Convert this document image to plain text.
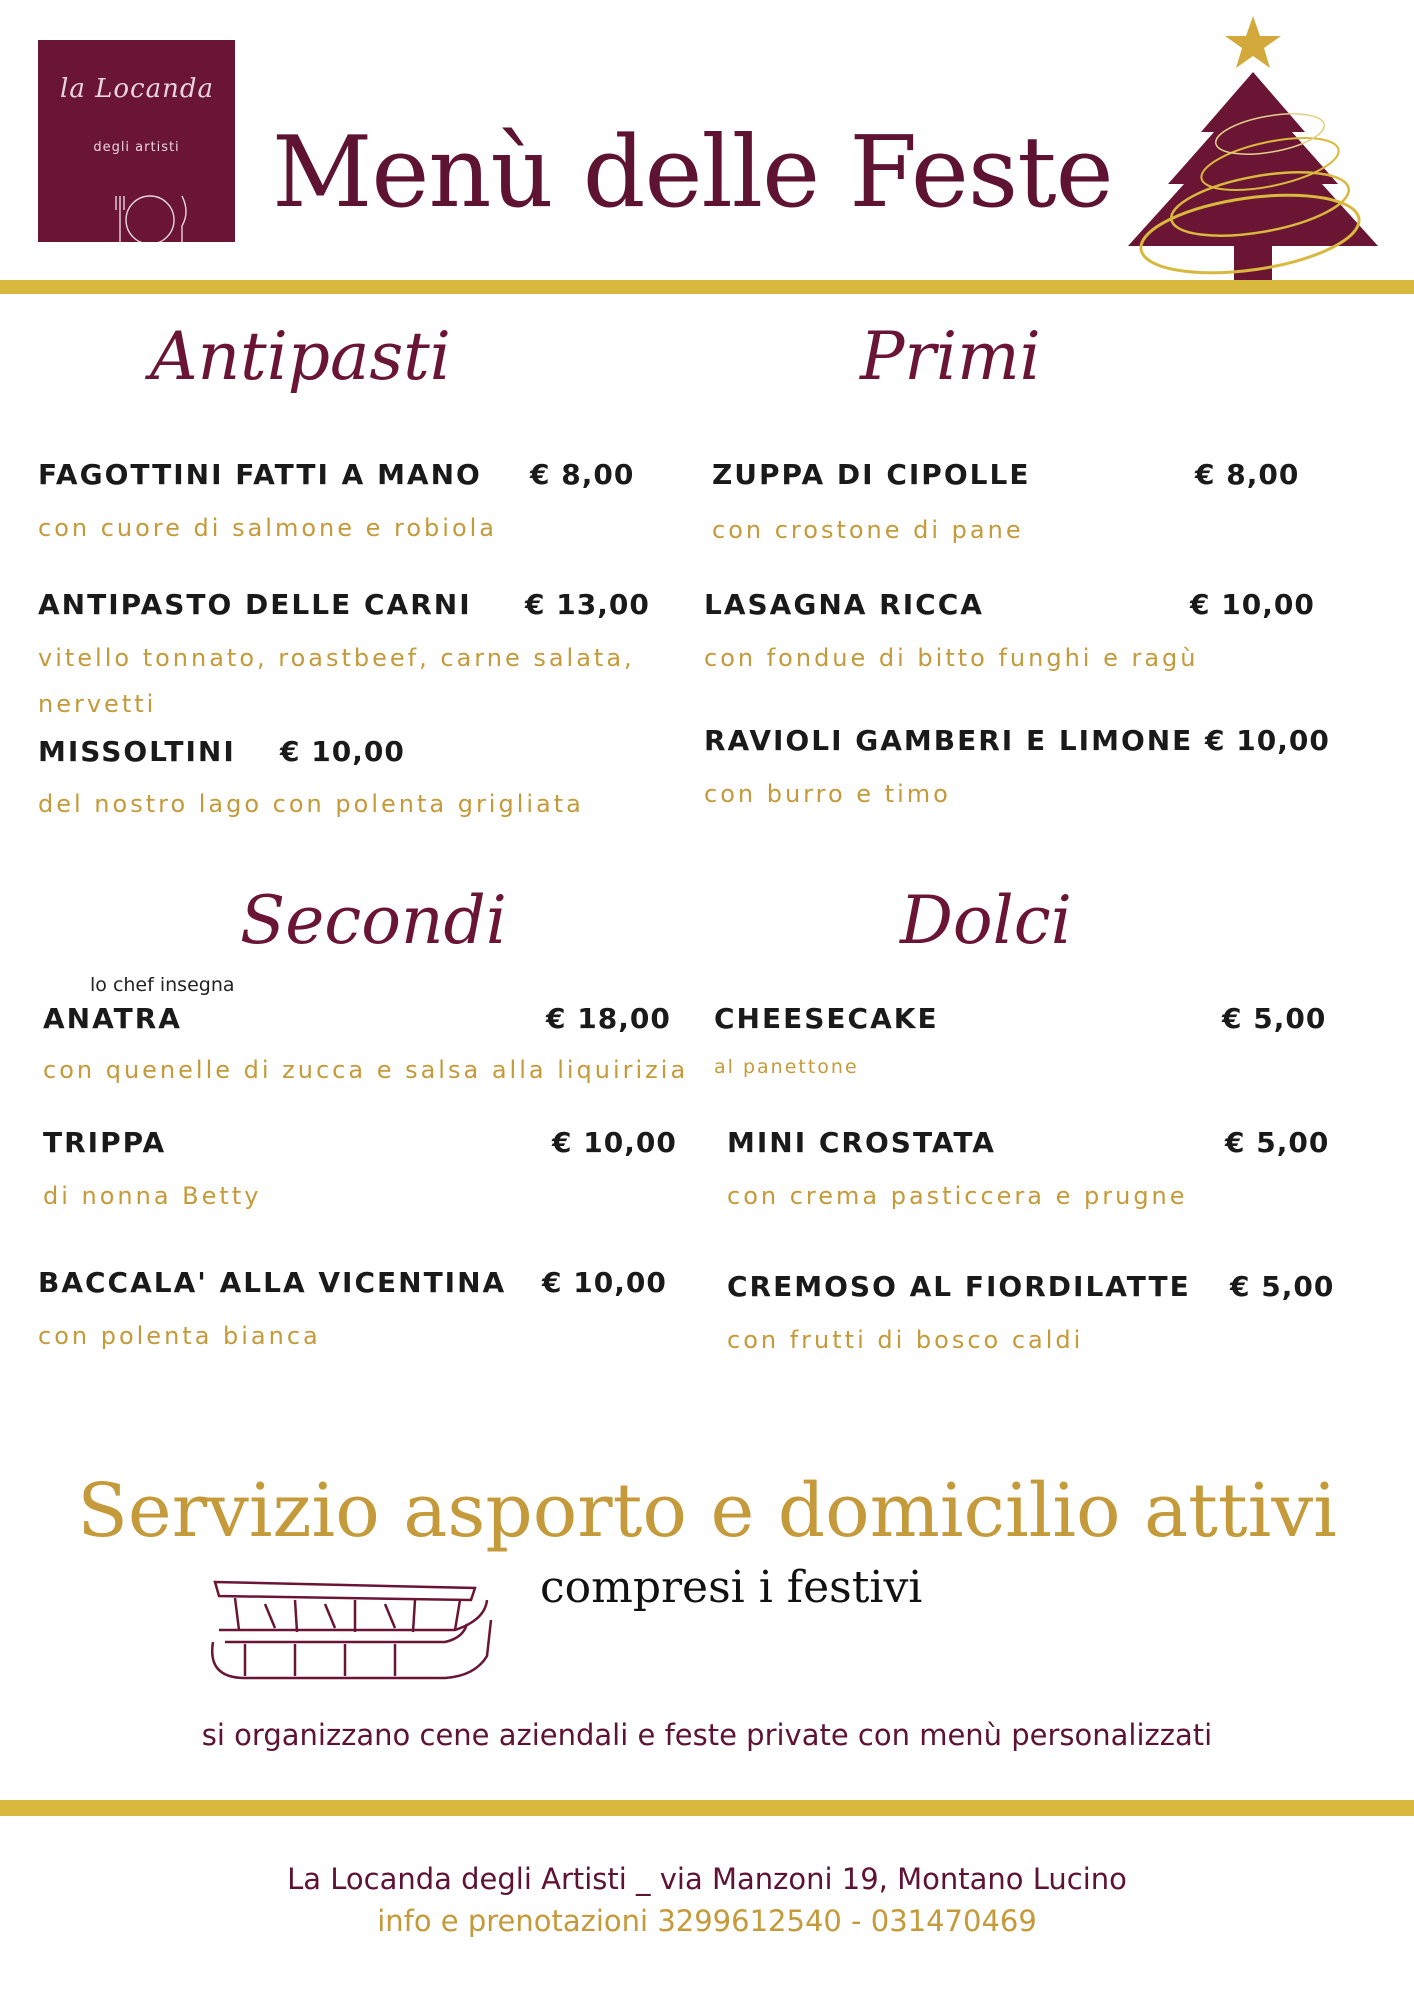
la Locanda
degli artisti Menù delle Feste
Antipasti
FAGOTTINI FATTI A MANO € 8,00
con cuore di salmone e robiola
ANTIPASTO DELLE CARNI € 13,00
vitello tonnato, roastbeef, carne salata,
nervetti
MISSOLTINI € 10,00
del nostro lago con polenta grigliata
Primi
ZUPPA DI CIPOLLE	€ 8,00
con crostone di pane
LASAGNA RICCA	€ 10,00
con fondue di bitto funghi e ragù
RAVIOLI GAMBERI E LIMONE € 10,00
con burro e timo
Secondi
lo chef insegna
ANATRA	€ 18,00
con quenelle di zucca e salsa alla liquirizia
TRIPPA	€ 10,00
di nonna Betty
BACCALA' ALLA VICENTINA € 10,00
con polenta bianca
Dolci
CHEESECAKE	€ 5,00
al panettone
MINI CROSTATA	€ 5,00
con crema pasticcera e prugne
CREMOSO AL FIORDILATTE € 5,00
con frutti di bosco caldi
Servizio asporto e domicilio attivi
compresi i festivi
si organizzano cene aziendali e feste private con menù personalizzati
La Locanda degli Artisti _ via Manzoni 19, Montano Lucino
info e prenotazioni 3299612540 - 031470469
